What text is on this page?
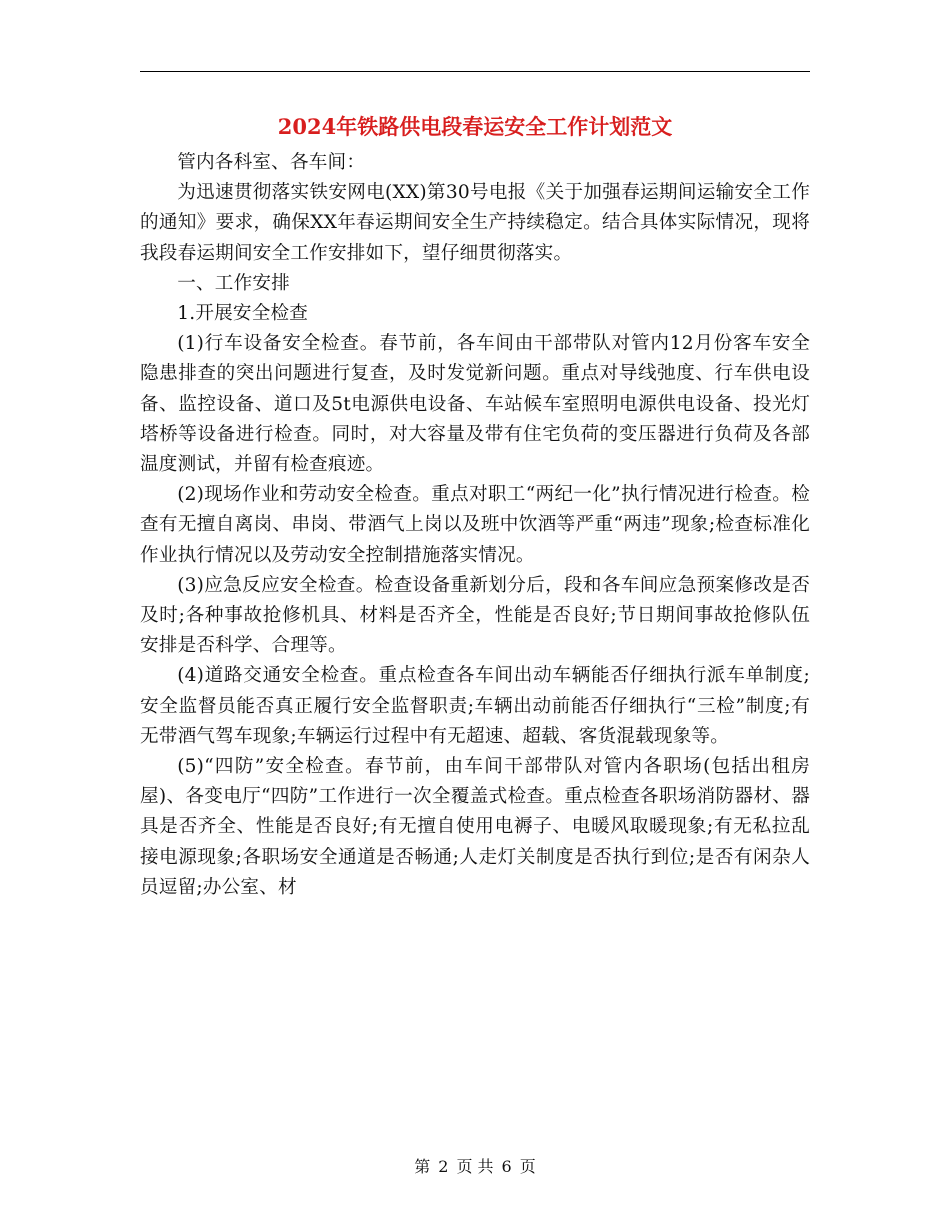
2024年铁路供电段春运安全工作计划范文

管内各科室、各车间：

为迅速贯彻落实铁安网电(XX)第30号电报《关于加强春运期间运输安全工作的通知》要求，确保XX年春运期间安全生产持续稳定。结合具体实际情况，现将我段春运期间安全工作安排如下，望仔细贯彻落实。

一、工作安排

1.开展安全检查

(1)行车设备安全检查。春节前，各车间由干部带队对管内12月份客车安全隐患排查的突出问题进行复查，及时发觉新问题。重点对导线弛度、行车供电设备、监控设备、道口及5t电源供电设备、车站候车室照明电源供电设备、投光灯塔桥等设备进行检查。同时，对大容量及带有住宅负荷的变压器进行负荷及各部温度测试，并留有检查痕迹。

(2)现场作业和劳动安全检查。重点对职工“两纪一化”执行情况进行检查。检查有无擅自离岗、串岗、带酒气上岗以及班中饮酒等严重“两违”现象;检查标准化作业执行情况以及劳动安全控制措施落实情况。

(3)应急反应安全检查。检查设备重新划分后，段和各车间应急预案修改是否及时;各种事故抢修机具、材料是否齐全，性能是否良好;节日期间事故抢修队伍安排是否科学、合理等。

(4)道路交通安全检查。重点检查各车间出动车辆能否仔细执行派车单制度;安全监督员能否真正履行安全监督职责;车辆出动前能否仔细执行“三检”制度;有无带酒气驾车现象;车辆运行过程中有无超速、超载、客货混载现象等。

(5)“四防”安全检查。春节前，由车间干部带队对管内各职场(包括出租房屋)、各变电厅“四防”工作进行一次全覆盖式检查。重点检查各职场消防器材、器具是否齐全、性能是否良好;有无擅自使用电褥子、电暖风取暖现象;有无私拉乱接电源现象;各职场安全通道是否畅通;人走灯关制度是否执行到位;是否有闲杂人员逗留;办公室、材

第 2 页 共 6 页
